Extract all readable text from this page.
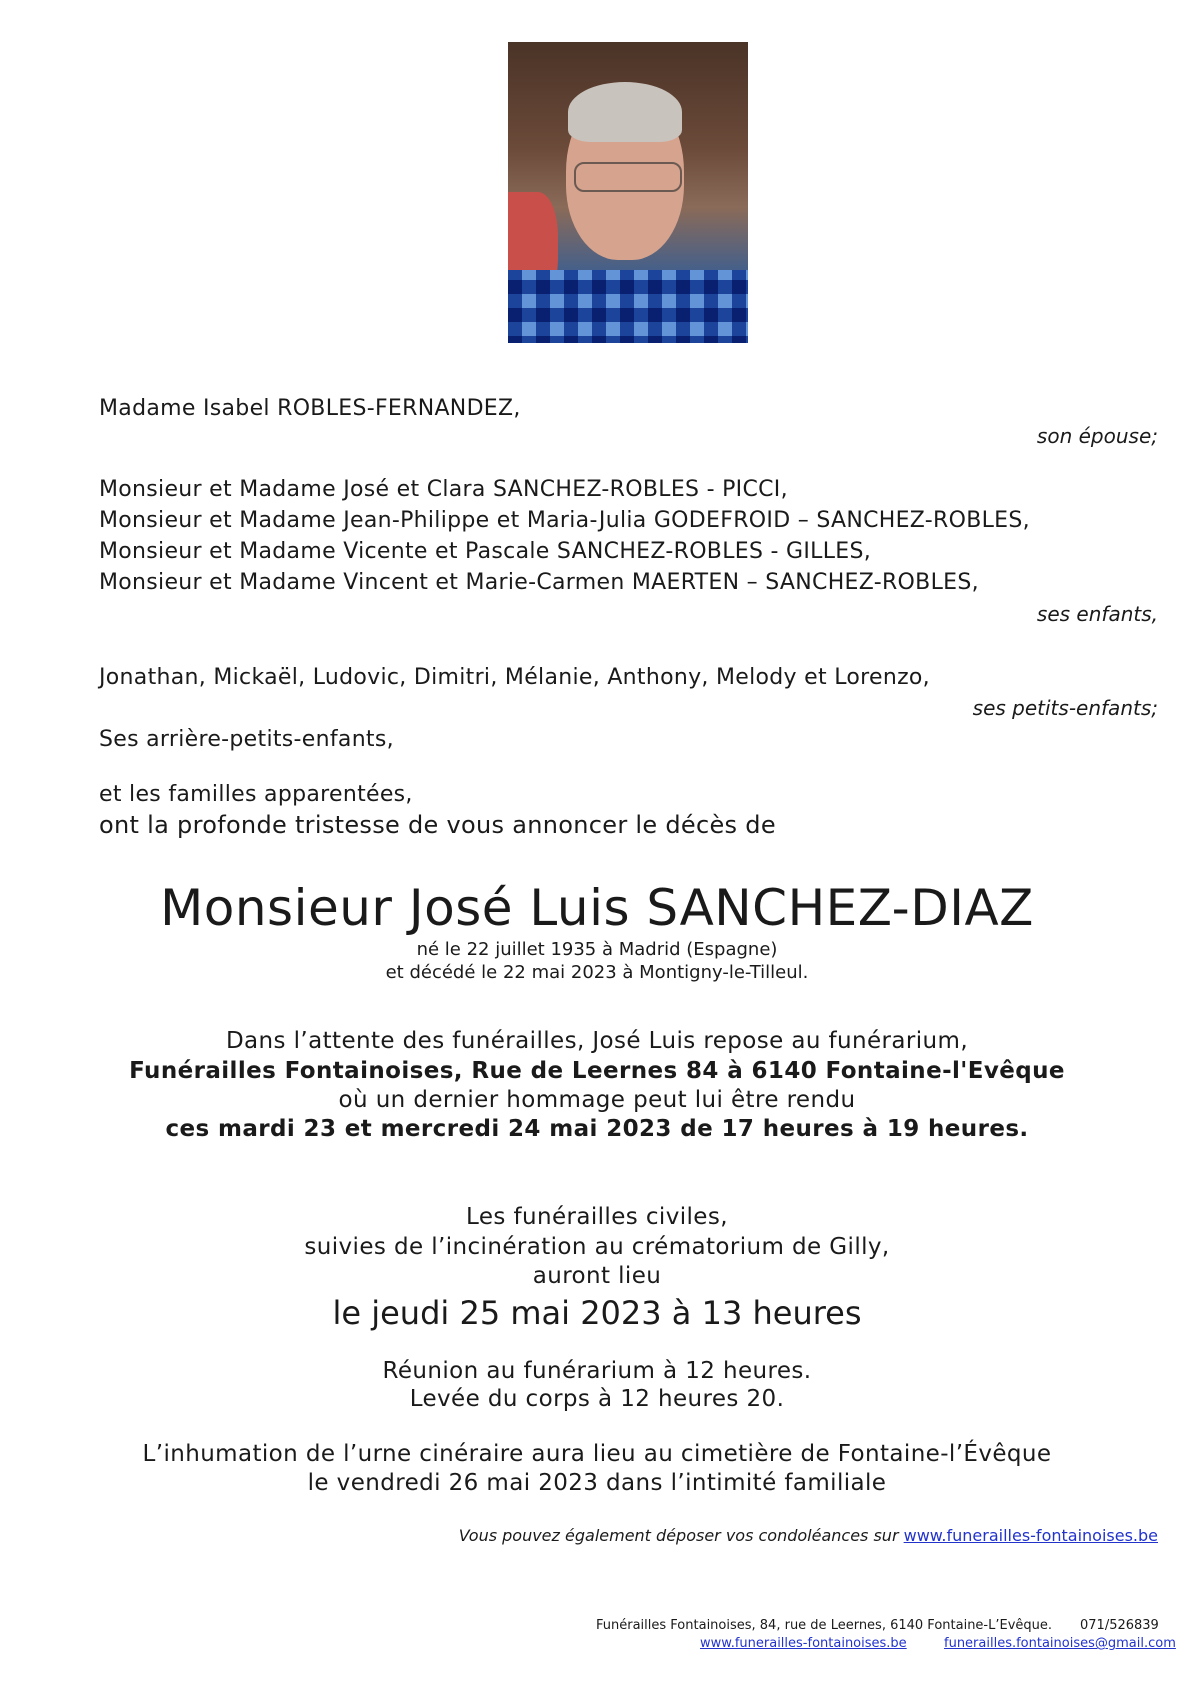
Madame Isabel ROBLES-FERNANDEZ,

son épouse;

Monsieur et Madame José et Clara SANCHEZ-ROBLES - PICCI,

Monsieur et Madame Jean-Philippe et Maria-Julia GODEFROID – SANCHEZ-ROBLES,

Monsieur et Madame Vicente et Pascale SANCHEZ-ROBLES - GILLES,

Monsieur et Madame Vincent et Marie-Carmen MAERTEN – SANCHEZ-ROBLES,

ses enfants,

Jonathan, Mickaël, Ludovic, Dimitri, Mélanie, Anthony, Melody et Lorenzo,

ses petits-enfants;

Ses arrière-petits-enfants,

et les familles apparentées,

ont la profonde tristesse de vous annoncer le décès de

Monsieur José Luis SANCHEZ-DIAZ

né le 22 juillet 1935 à Madrid (Espagne)

et décédé le 22 mai 2023 à Montigny-le-Tilleul.

Dans l’attente des funérailles, José Luis repose au funérarium,

Funérailles Fontainoises, Rue de Leernes 84 à 6140 Fontaine-l'Evêque

où un dernier hommage peut lui être rendu

ces mardi 23 et mercredi 24 mai 2023 de 17 heures à 19 heures.

Les funérailles civiles,

suivies de l’incinération au crématorium de Gilly,

auront lieu

le jeudi 25 mai 2023 à 13 heures

Réunion au funérarium à 12 heures.

Levée du corps à 12 heures 20.

L’inhumation de l’urne cinéraire aura lieu au cimetière de Fontaine-l’Évêque

le vendredi 26 mai 2023 dans l’intimité familiale

Vous pouvez également déposer vos condoléances sur www.funerailles-fontainoises.be

Funérailles Fontainoises, 84, rue de Leernes, 6140 Fontaine-L’Evêque. 071/526839
www.funerailles-fontainoises.be	funerailles.fontainoises@gmail.com
